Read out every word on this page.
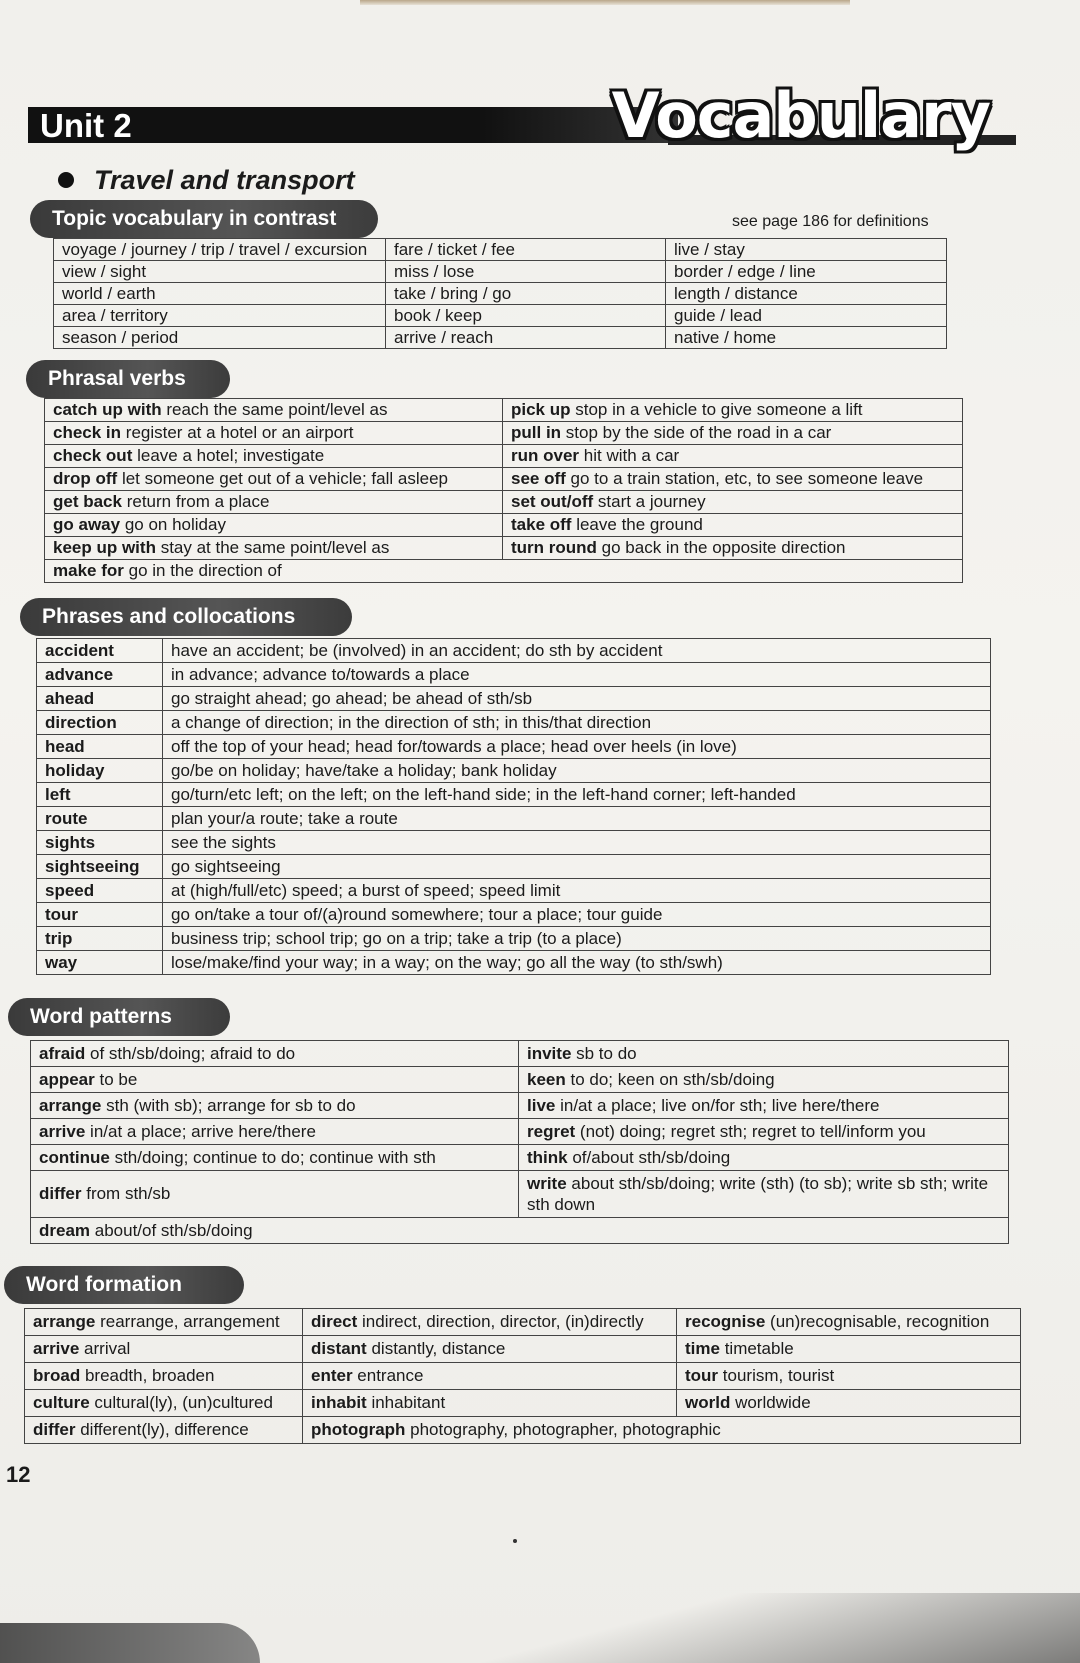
Unit 2	Vocabulary
Travel and transport
Topic vocabulary in contrast	see page 186 for definitions
voyage / journey / trip / travel / excursion	fare / ticket / fee	live / stay
view / sight	miss / lose	border / edge / line
world / earth	take / bring / go	length / distance
area / territory	book / keep	guide / lead
season / period	arrive / reach	native / home
Phrasal verbs
catch up with reach the same point/level as	pick up stop in a vehicle to give someone a lift
check in register at a hotel or an airport	pull in stop by the side of the road in a car
check out leave a hotel; investigate	run over hit with a car
drop off let someone get out of a vehicle; fall asleep	see off go to a train station, etc, to see someone leave
get back return from a place	set out/off start a journey
go away go on holiday	take off leave the ground
keep up with stay at the same point/level as	turn round go back in the opposite direction
make for go in the direction of	
Phrases and collocations
accident	have an accident; be (involved) in an accident; do sth by accident
advance	in advance; advance to/towards a place
ahead	go straight ahead; go ahead; be ahead of sth/sb
direction	a change of direction; in the direction of sth; in this/that direction
head	off the top of your head; head for/towards a place; head over heels (in love)
holiday	go/be on holiday; have/take a holiday; bank holiday
left	go/turn/etc left; on the left; on the left-hand side; in the left-hand corner; left-handed
route	plan your/a route; take a route
sights	see the sights
sightseeing	go sightseeing
speed	at (high/full/etc) speed; a burst of speed; speed limit
tour	go on/take a tour of/(a)round somewhere; tour a place; tour guide
trip	business trip; school trip; go on a trip; take a trip (to a place)
way	lose/make/find your way; in a way; on the way; go all the way (to sth/swh)
Word patterns
afraid of sth/sb/doing; afraid to do	invite sb to do
appear to be	keen to do; keen on sth/sb/doing
arrange sth (with sb); arrange for sb to do	live in/at a place; live on/for sth; live here/there
arrive in/at a place; arrive here/there	regret (not) doing; regret sth; regret to tell/inform you
continue sth/doing; continue to do; continue with sth	think of/about sth/sb/doing
differ from sth/sb	write about sth/sb/doing; write (sth) (to sb); write sb sth; write sth down
dream about/of sth/sb/doing	
Word formation
arrange rearrange, arrangement	direct indirect, direction, director, (in)directly	recognise (un)recognisable, recognition
arrive arrival	distant distantly, distance	time timetable
broad breadth, broaden	enter entrance	tour tourism, tourist
culture cultural(ly), (un)cultured	inhabit inhabitant	world worldwide
differ different(ly), difference	photograph photography, photographer, photographic	
12
